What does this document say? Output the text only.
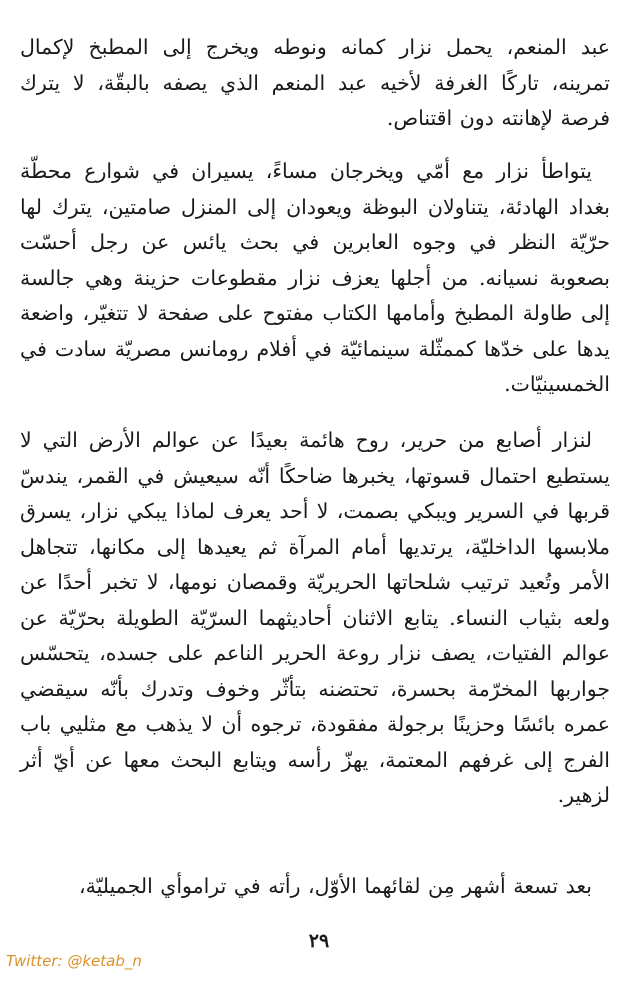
عبد المنعم، يحمل نزار كمانه ونوطه ويخرج إلى المطبخ لإكمال تمرينه، تاركًا الغرفة لأخيه عبد المنعم الذي يصفه بالبقّة، لا يترك فرصة لإهانته دون اقتناص.

يتواطأ نزار مع أمّي ويخرجان مساءً، يسيران في شوارع محطّة بغداد الهادئة، يتناولان البوظة ويعودان إلى المنزل صامتين، يترك لها حرّيّة النظر في وجوه العابرين في بحث يائس عن رجل أحسّت بصعوبة نسيانه. من أجلها يعزف نزار مقطوعات حزينة وهي جالسة إلى طاولة المطبخ وأمامها الكتاب مفتوح على صفحة لا تتغيّر، واضعة يدها على خدّها كممثّلة سينمائيّة في أفلام رومانس مصريّة سادت في الخمسينيّات.

لنزار أصابع من حرير، روح هائمة بعيدًا عن عوالم الأرض التي لا يستطيع احتمال قسوتها، يخبرها ضاحكًا أنّه سيعيش في القمر، يندسّ قربها في السرير ويبكي بصمت، لا أحد يعرف لماذا يبكي نزار، يسرق ملابسها الداخليّة، يرتديها أمام المرآة ثم يعيدها إلى مكانها، تتجاهل الأمر وتُعيد ترتيب شلحاتها الحريريّة وقمصان نومها، لا تخبر أحدًا عن ولعه بثياب النساء. يتابع الاثنان أحاديثهما السرّيّة الطويلة بحرّيّة عن عوالم الفتيات، يصف نزار روعة الحرير الناعم على جسده، يتحسّس جواربها المخرّمة بحسرة، تحتضنه بتأثّر وخوف وتدرك بأنّه سيقضي عمره بائسًا وحزينًا برجولة مفقودة، ترجوه أن لا يذهب مع مثليي باب الفرج إلى غرفهم المعتمة، يهزّ رأسه ويتابع البحث معها عن أيّ أثر لزهير.

بعد تسعة أشهر مِن لقائهما الأوّل، رأته في تراموأي الجميليّة،

٢٩
Twitter: @ketab_n
